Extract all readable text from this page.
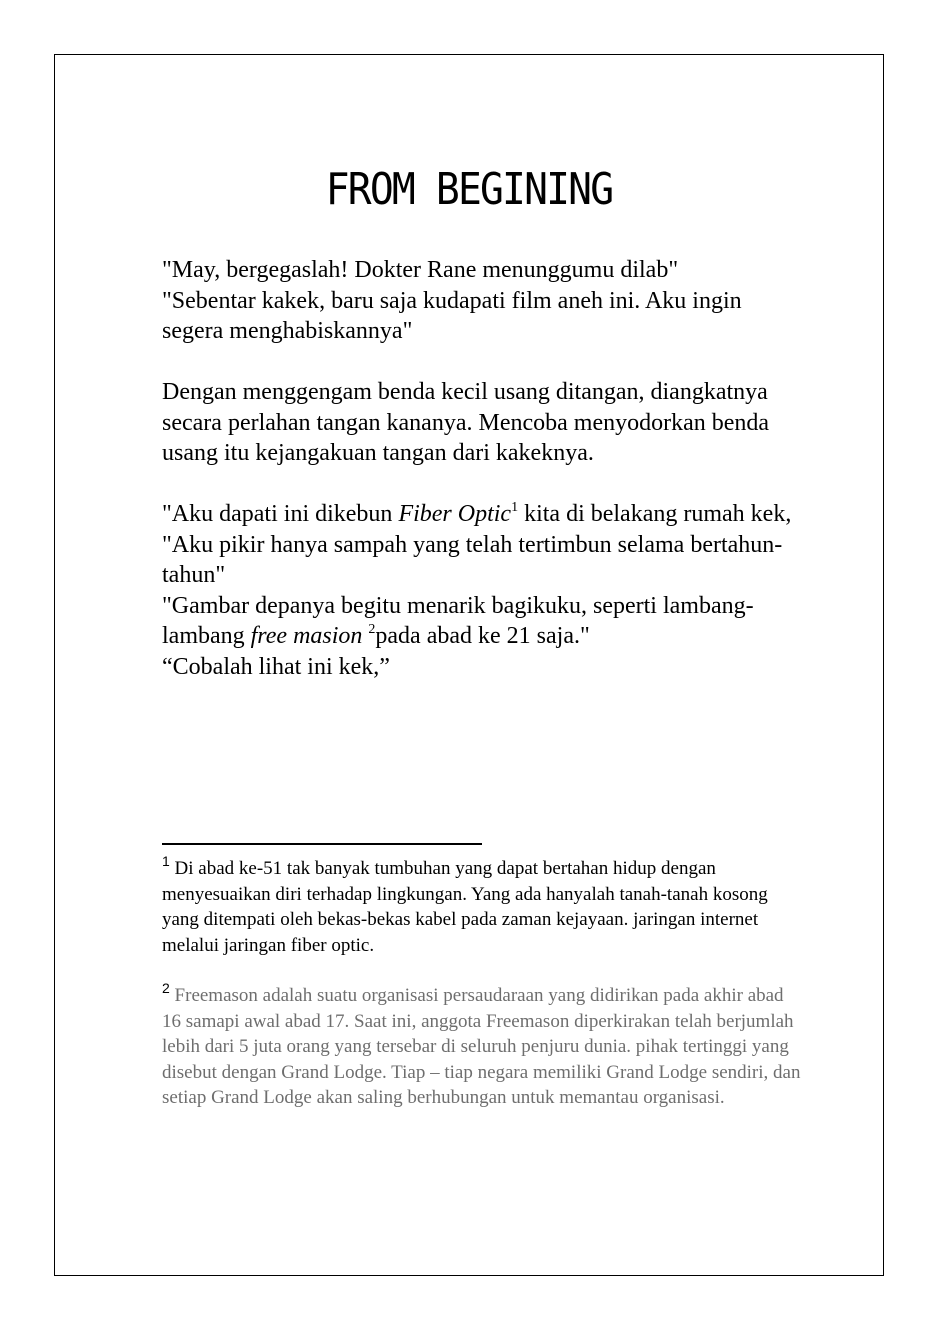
FROM BEGINING

"May, bergegaslah! Dokter Rane menunggumu dilab"

"Sebentar kakek, baru saja kudapati film aneh ini. Aku ingin segera menghabiskannya"

Dengan menggengam benda kecil usang ditangan, diangkatnya secara perlahan tangan kananya. Mencoba menyodorkan benda usang itu kejangakuan tangan dari kakeknya.

"Aku dapati ini dikebun Fiber Optic$^1$ kita di belakang rumah kek,

"Aku pikir hanya sampah yang telah tertimbun selama bertahun-tahun"

"Gambar depanya begitu menarik bagikuku, seperti lambang-lambang free masion $^2$pada abad ke 21 saja."

“Cobalah lihat ini kek,”

$^1$ Di abad ke-51 tak banyak tumbuhan yang dapat bertahan hidup dengan menyesuaikan diri terhadap lingkungan. Yang ada hanyalah tanah-tanah kosong yang ditempati oleh bekas-bekas kabel pada zaman kejayaan. jaringan internet melalui jaringan fiber optic.

$^2$ Freemason adalah suatu organisasi persaudaraan yang didirikan pada akhir abad 16 samapi awal abad 17. Saat ini, anggota Freemason diperkirakan telah berjumlah lebih dari 5 juta orang yang tersebar di seluruh penjuru dunia. pihak tertinggi yang disebut dengan Grand Lodge. Tiap – tiap negara memiliki Grand Lodge sendiri, dan setiap Grand Lodge akan saling berhubungan untuk memantau organisasi.
